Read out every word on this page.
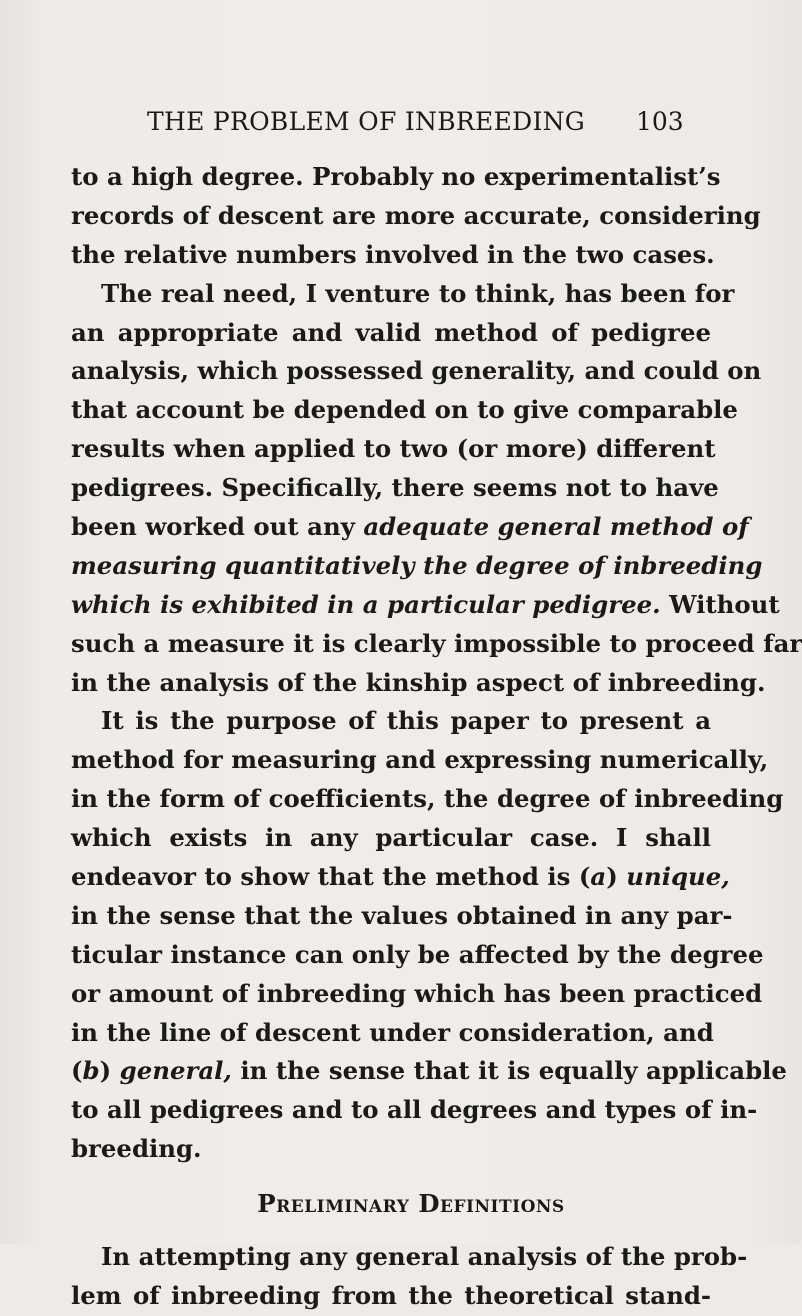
THE PROBLEM OF INBREEDING	103
to a high degree. Probably no experimentalist’s
records of descent are more accurate, considering
the relative numbers involved in the two cases.
The real need, I venture to think, has been for
an appropriate and valid method of pedigree
analysis, which possessed generality, and could on
that account be depended on to give comparable
results when applied to two (or more) different
pedigrees. Specifically, there seems not to have
been worked out any adequate general method of
measuring quantitatively the degree of inbreeding
which is exhibited in a particular pedigree. Without
such a measure it is clearly impossible to proceed far
in the analysis of the kinship aspect of inbreeding.
It is the purpose of this paper to present a
method for measuring and expressing numerically,
in the form of coefficients, the degree of inbreeding
which exists in any particular case. I shall
endeavor to show that the method is (a) unique,
in the sense that the values obtained in any par-
ticular instance can only be affected by the degree
or amount of inbreeding which has been practiced
in the line of descent under consideration, and
(b) general, in the sense that it is equally applicable
to all pedigrees and to all degrees and types of in-
breeding.
Preliminary Definitions
In attempting any general analysis of the prob-
lem of inbreeding from the theoretical stand-
